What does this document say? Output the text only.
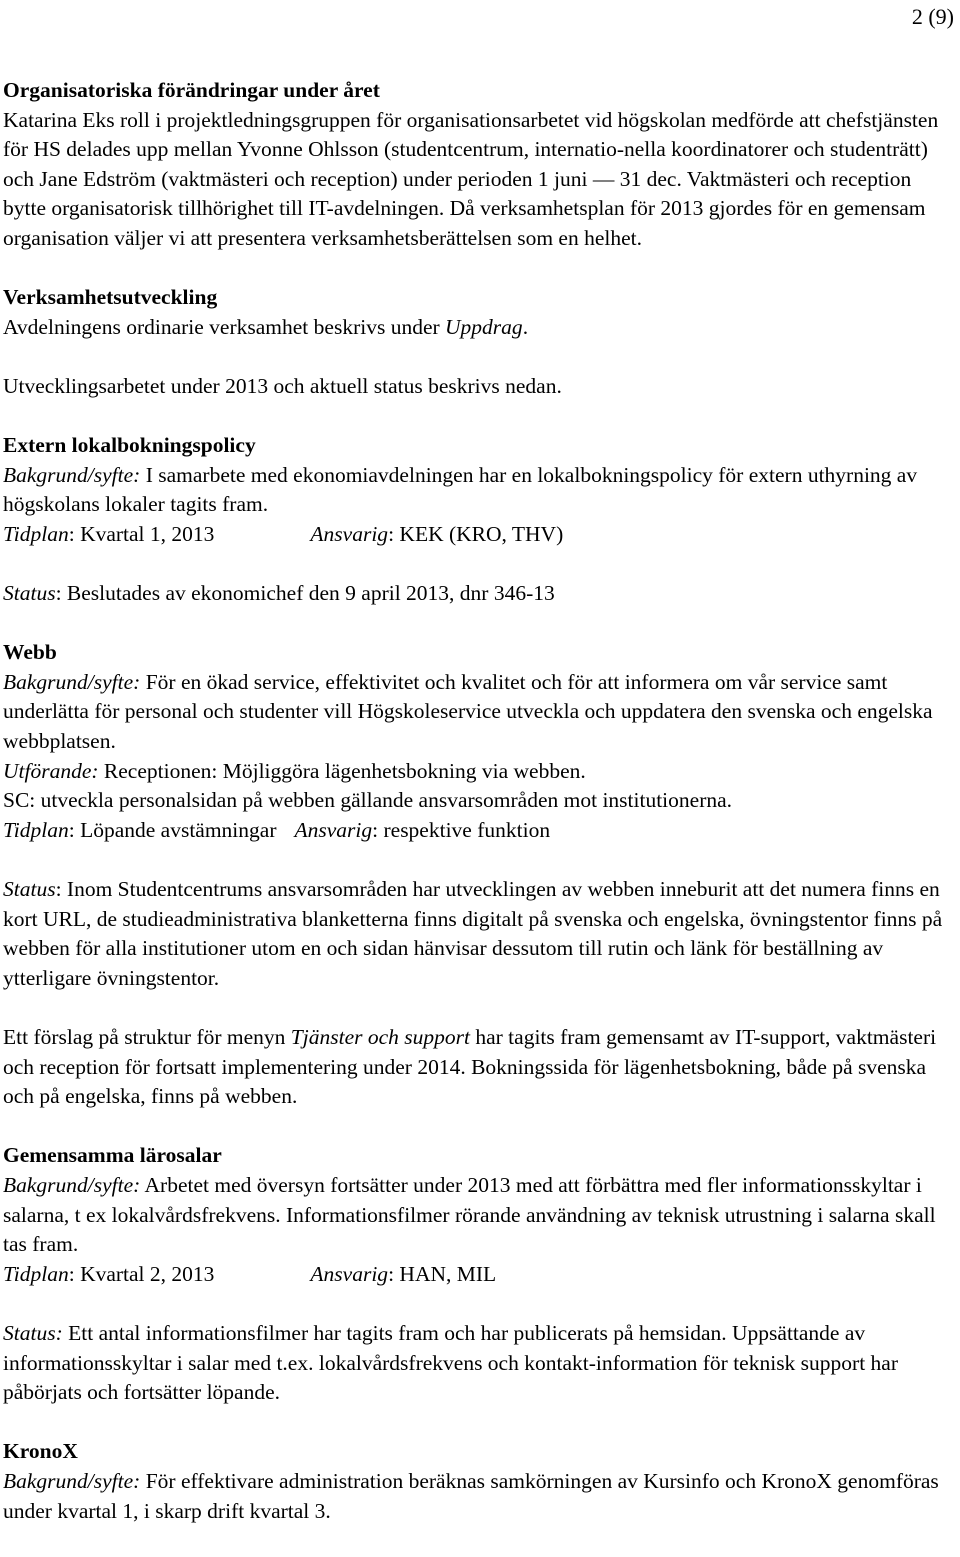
2 (9)
Organisatoriska förändringar under året

Katarina Eks roll i projektledningsgruppen för organisationsarbetet vid högskolan medförde att chefstjänsten för HS delades upp mellan Yvonne Ohlsson (studentcentrum, internatio-nella koordinatorer och studenträtt) och Jane Edström (vaktmästeri och reception) under perioden 1 juni — 31 dec. Vaktmästeri och reception bytte organisatorisk tillhörighet till IT-avdelningen. Då verksamhetsplan för 2013 gjordes för en gemensam organisation väljer vi att presentera verksamhetsberättelsen som en helhet.

Verksamhetsutveckling

Avdelningens ordinarie verksamhet beskrivs under Uppdrag.

Utvecklingsarbetet under 2013 och aktuell status beskrivs nedan.

Extern lokalbokningspolicy

Bakgrund/syfte: I samarbete med ekonomiavdelningen har en lokalbokningspolicy för extern uthyrning av högskolans lokaler tagits fram.

Tidplan: Kvartal 1, 2013	Ansvarig: KEK (KRO, THV)

Status: Beslutades av ekonomichef den 9 april 2013, dnr 346-13

Webb

Bakgrund/syfte: För en ökad service, effektivitet och kvalitet och för att informera om vår service samt underlätta för personal och studenter vill Högskoleservice utveckla och uppdatera den svenska och engelska webbplatsen.

Utförande: Receptionen: Möjliggöra lägenhetsbokning via webben.

SC: utveckla personalsidan på webben gällande ansvarsområden mot institutionerna.

Tidplan: Löpande avstämningar Ansvarig: respektive funktion

Status: Inom Studentcentrums ansvarsområden har utvecklingen av webben inneburit att det numera finns en kort URL, de studieadministrativa blanketterna finns digitalt på svenska och engelska, övningstentor finns på webben för alla institutioner utom en och sidan hänvisar dessutom till rutin och länk för beställning av ytterligare övningstentor.

Ett förslag på struktur för menyn Tjänster och support har tagits fram gemensamt av IT-support, vaktmästeri och reception för fortsatt implementering under 2014. Bokningssida för lägenhetsbokning, både på svenska och på engelska, finns på webben.

Gemensamma lärosalar

Bakgrund/syfte: Arbetet med översyn fortsätter under 2013 med att förbättra med fler informationsskyltar i salarna, t ex lokalvårdsfrekvens. Informationsfilmer rörande användning av teknisk utrustning i salarna skall tas fram.

Tidplan: Kvartal 2, 2013	Ansvarig: HAN, MIL

Status: Ett antal informationsfilmer har tagits fram och har publicerats på hemsidan. Uppsättande av informationsskyltar i salar med t.ex. lokalvårdsfrekvens och kontakt-information för teknisk support har påbörjats och fortsätter löpande.

KronoX

Bakgrund/syfte: För effektivare administration beräknas samkörningen av Kursinfo och KronoX genomföras under kvartal 1, i skarp drift kvartal 3.
